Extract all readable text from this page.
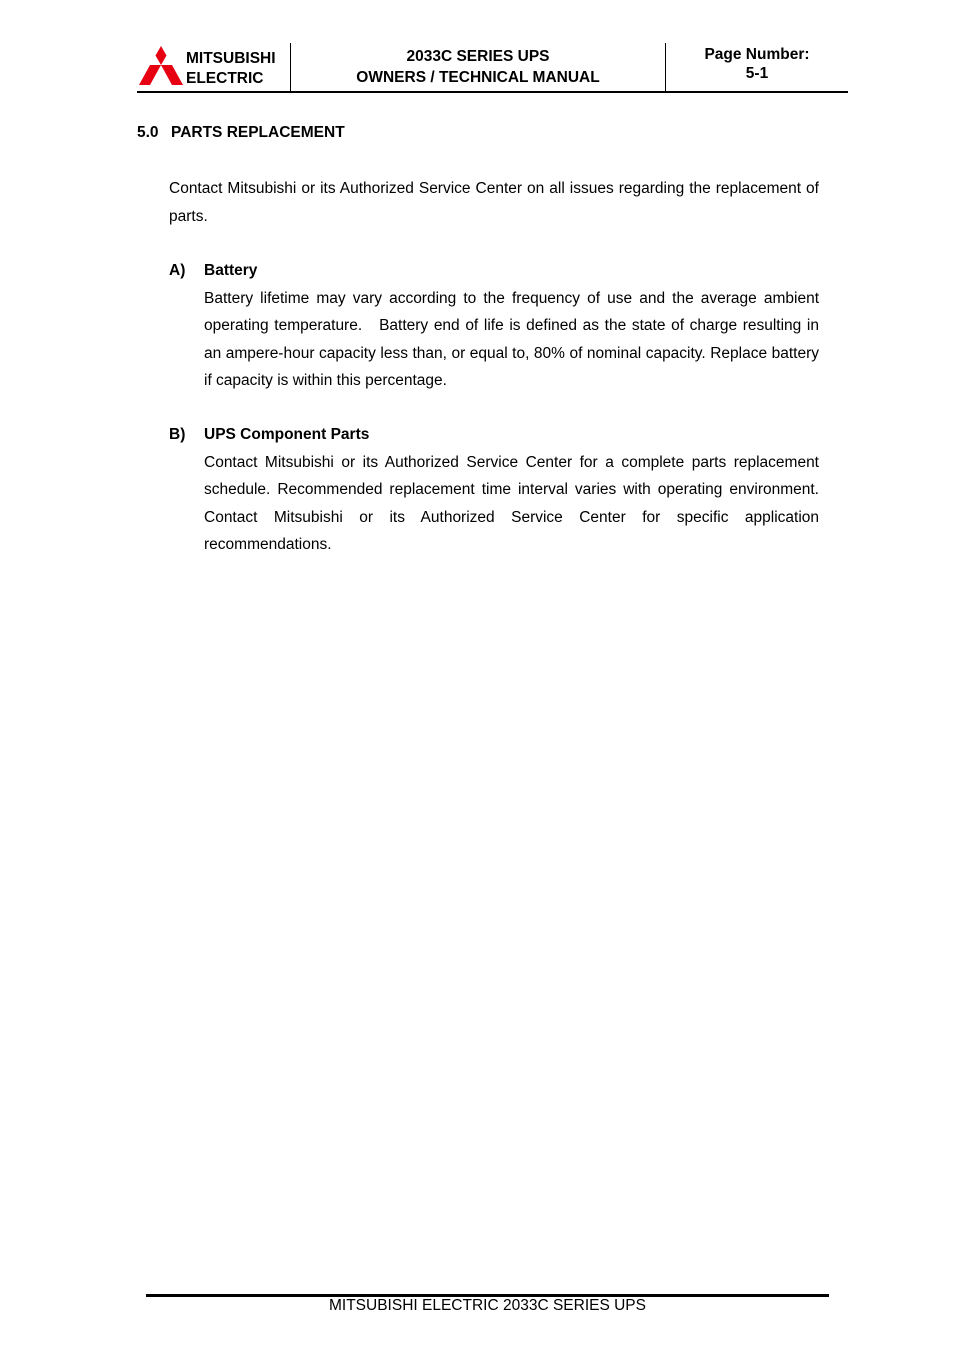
MITSUBISHI
ELECTRIC
2033C SERIES UPS
OWNERS / TECHNICAL MANUAL
Page Number:
5-1
5.0 PARTS REPLACEMENT
Contact Mitsubishi or its Authorized Service Center on all issues regarding the replacement of parts.
A) Battery
Battery lifetime may vary according to the frequency of use and the average ambient operating temperature.   Battery end of life is defined as the state of charge resulting in an ampere-hour capacity less than, or equal to, 80% of nominal capacity. Replace battery if capacity is within this percentage.
B) UPS Component Parts
Contact Mitsubishi or its Authorized Service Center for a complete parts replacement schedule. Recommended replacement time interval varies with operating environment. Contact Mitsubishi or its Authorized Service Center for specific application recommendations.
MITSUBISHI ELECTRIC 2033C SERIES UPS
